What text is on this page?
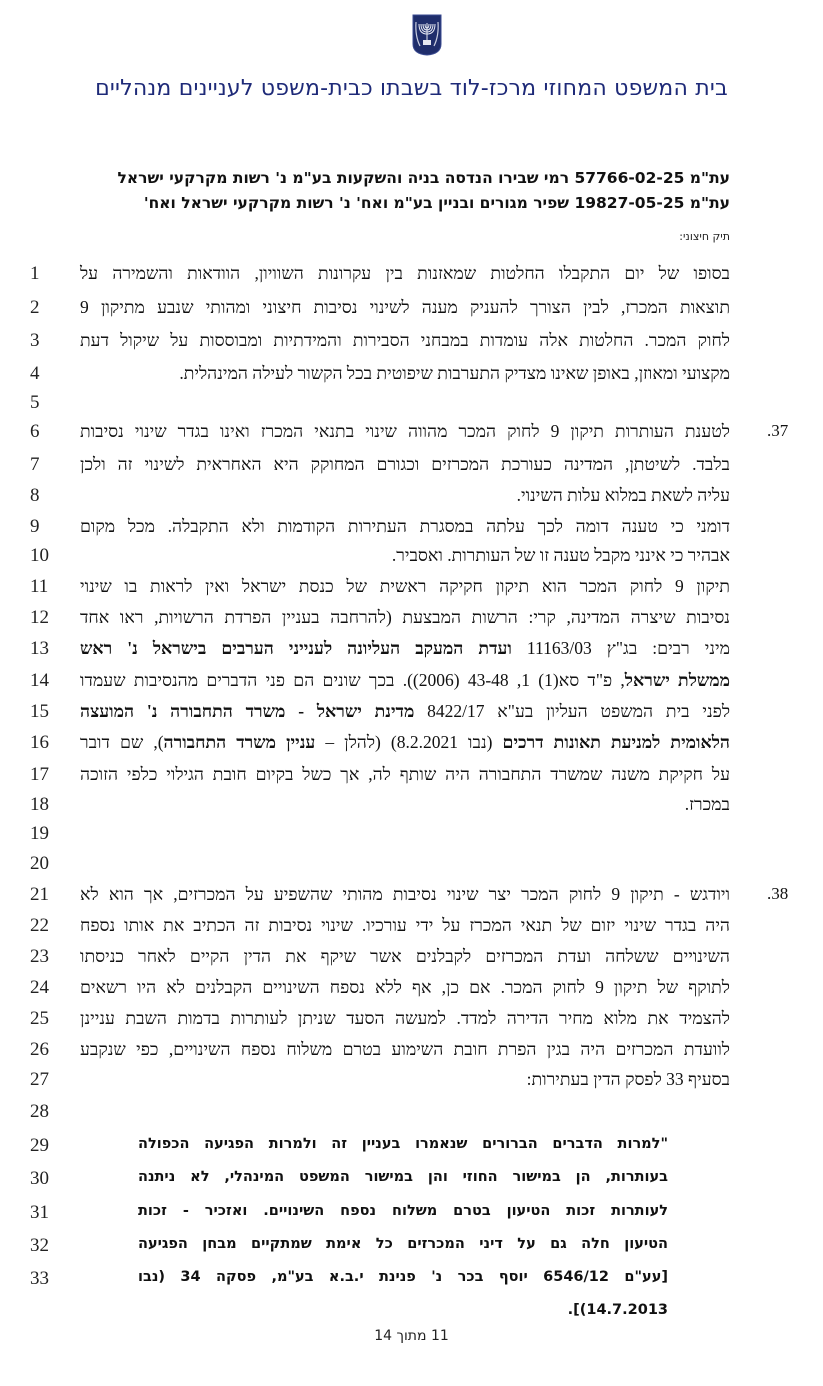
בית המשפט המחוזי מרכז-לוד בשבתו כבית-משפט לעניינים מנהליים
עת"מ 57766-02-25 רמי שבירו הנדסה בניה והשקעות בע"מ נ' רשות מקרקעי ישראל
עת"מ 19827-05-25 שפיר מגורים ובניין בע"מ ואח' נ' רשות מקרקעי ישראל ואח'
תיק חיצוני:
1
2
3
4
5
6
7
8
9
10
11
12
13
14
15
16
17
18
19
20
21
22
23
24
25
26
27
28
29
30
31
32
33
.37
.38
בסופו של יום התקבלו החלטות שמאזנות בין עקרונות השוויון, הוודאות והשמירה על
תוצאות המכרז, לבין הצורך להעניק מענה לשינוי נסיבות חיצוני ומהותי שנבע מתיקון 9
לחוק המכר. החלטות אלה עומדות במבחני הסבירות והמידתיות ומבוססות על שיקול דעת
מקצועי ומאוזן, באופן שאינו מצדיק התערבות שיפוטית בכל הקשור לעילה המינהלית.
לטענת העותרות תיקון 9 לחוק המכר מהווה שינוי בתנאי המכרז ואינו בגדר שינוי נסיבות
בלבד. לשיטתן, המדינה כעורכת המכרזים וכגורם המחוקק היא האחראית לשינוי זה ולכן
עליה לשאת במלוא עלות השינוי.
דומני כי טענה דומה לכך עלתה במסגרת העתירות הקודמות ולא התקבלה. מכל מקום
אבהיר כי אינני מקבל טענה זו של העותרות. ואסביר.
תיקון 9 לחוק המכר הוא תיקון חקיקה ראשית של כנסת ישראל ואין לראות בו שינוי
נסיבות שיצרה המדינה, קרי: הרשות המבצעת (להרחבה בעניין הפרדת הרשויות, ראו אחד
מיני רבים: בג"ץ 11163/03 ועדת המעקב העליונה לענייני הערבים בישראל נ' ראש
ממשלת ישראל, פ"ד סא(1) 1, 43-48 (2006)). בכך שונים הם פני הדברים מהנסיבות שעמדו
לפני בית המשפט העליון בע"א 8422/17 מדינת ישראל - משרד התחבורה נ' המועצה
הלאומית למניעת תאונות דרכים (נבו 8.2.2021) (להלן – עניין משרד התחבורה), שם דובר
על חקיקת משנה שמשרד התחבורה היה שותף לה, אך כשל בקיום חובת הגילוי כלפי הזוכה
במכרז.
ויודגש - תיקון 9 לחוק המכר יצר שינוי נסיבות מהותי שהשפיע על המכרזים, אך הוא לא
היה בגדר שינוי יזום של תנאי המכרז על ידי עורכיו. שינוי נסיבות זה הכתיב את אותו נספח
השינויים ששלחה ועדת המכרזים לקבלנים אשר שיקף את הדין הקיים לאחר כניסתו
לתוקף של תיקון 9 לחוק המכר. אם כן, אף ללא נספח השינויים הקבלנים לא היו רשאים
להצמיד את מלוא מחיר הדירה למדד. למעשה הסעד שניתן לעותרות בדמות השבת עניינן
לוועדת המכרזים היה בגין הפרת חובת השימוע בטרם משלוח נספח השינויים, כפי שנקבע
בסעיף 33 לפסק הדין בעתירות:
"למרות הדברים הברורים שנאמרו בעניין זה ולמרות הפגיעה הכפולה
בעותרות, הן במישור החוזי והן במישור המשפט המינהלי, לא ניתנה
לעותרות זכות הטיעון בטרם משלוח נספח השינויים. ואזכיר - זכות
הטיעון חלה גם על דיני המכרזים כל אימת שמתקיים מבחן הפגיעה
[עע"ם 6546/12 יוסף בכר נ' פנינת י.ב.א בע"מ, פסקה 34 (נבו
14.7.2013)].
11 מתוך 14
